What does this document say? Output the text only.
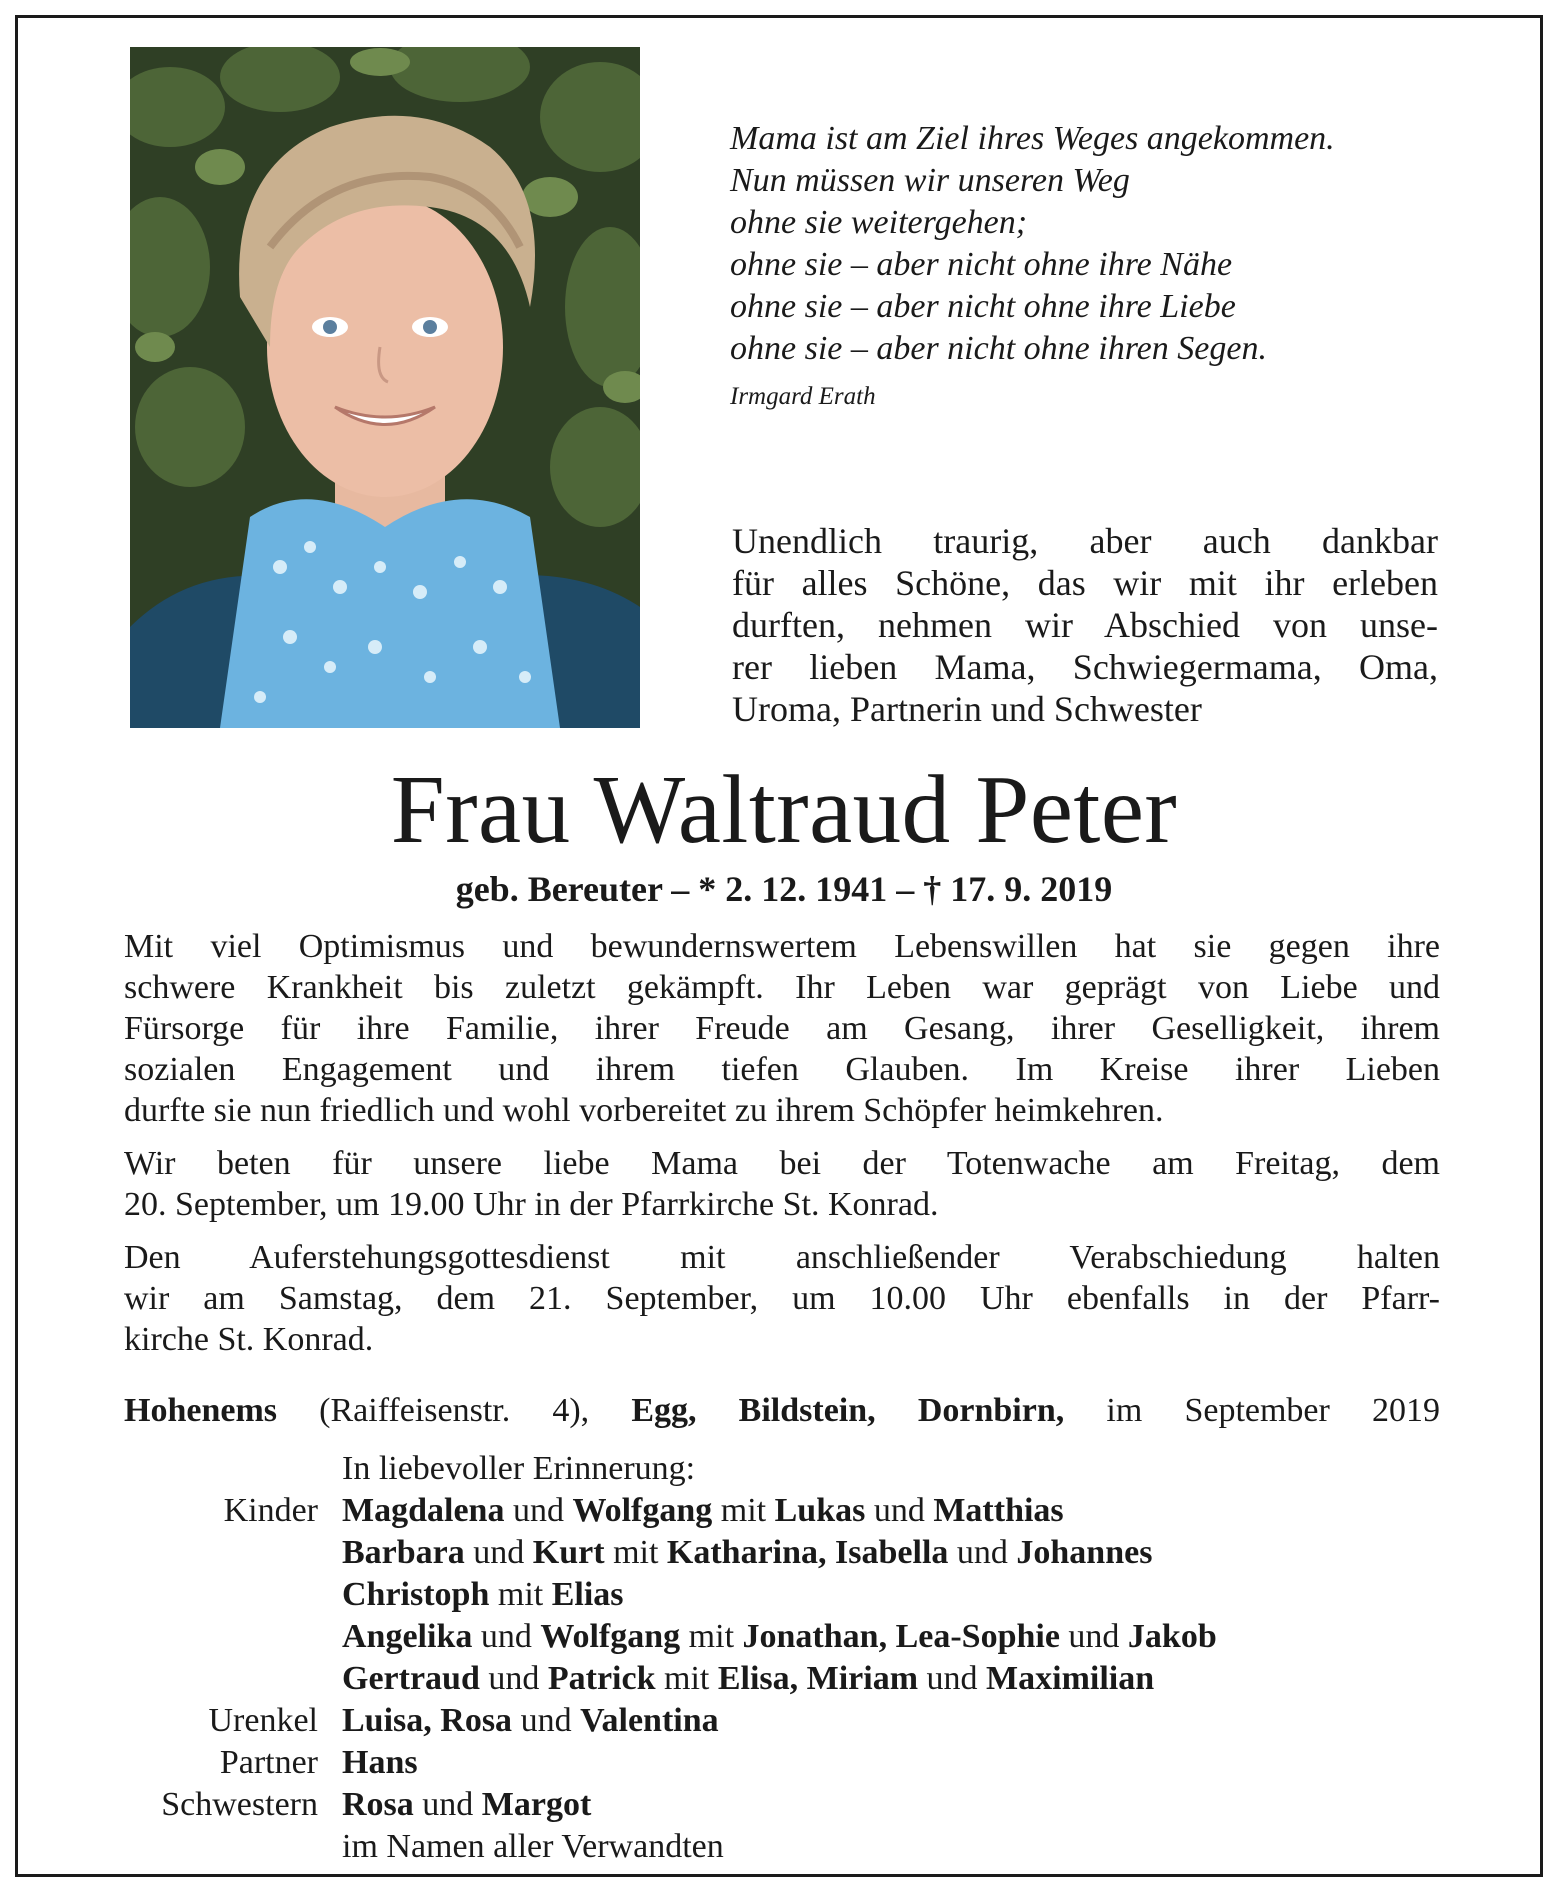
Mama ist am Ziel ihres Weges angekommen.
Nun müssen wir unseren Weg
ohne sie weitergehen;
ohne sie – aber nicht ohne ihre Nähe
ohne sie – aber nicht ohne ihre Liebe
ohne sie – aber nicht ohne ihren Segen.
Irmgard Erath
Unendlich traurig, aber auch dankbar
für alles Schöne, das wir mit ihr erleben
durften, nehmen wir Abschied von unse-
rer lieben Mama, Schwiegermama, Oma,
Uroma, Partnerin und Schwester
Frau Waltraud Peter
geb. Bereuter – * 2. 12. 1941 – † 17. 9. 2019
Mit viel Optimismus und bewundernswertem Lebenswillen hat sie gegen ihre
schwere Krankheit bis zuletzt gekämpft. Ihr Leben war geprägt von Liebe und
Fürsorge für ihre Familie, ihrer Freude am Gesang, ihrer Geselligkeit, ihrem
sozialen Engagement und ihrem tiefen Glauben. Im Kreise ihrer Lieben
durfte sie nun friedlich und wohl vorbereitet zu ihrem Schöpfer heimkehren.
Wir beten für unsere liebe Mama bei der Totenwache am Freitag, dem
20. September, um 19.00 Uhr in der Pfarrkirche St. Konrad.
Den Auferstehungsgottesdienst mit anschließender Verabschiedung halten
wir am Samstag, dem 21. September, um 10.00 Uhr ebenfalls in der Pfarr-
kirche St. Konrad.
Hohenems (Raiffeisenstr. 4), Egg, Bildstein, Dornbirn, im September 2019
In liebevoller Erinnerung:
Kinder Magdalena und Wolfgang mit Lukas und Matthias
Barbara und Kurt mit Katharina, Isabella und Johannes
Christoph mit Elias
Angelika und Wolfgang mit Jonathan, Lea-Sophie und Jakob
Gertraud und Patrick mit Elisa, Miriam und Maximilian
Urenkel Luisa, Rosa und Valentina
Partner Hans
Schwestern Rosa und Margot
im Namen aller Verwandten
